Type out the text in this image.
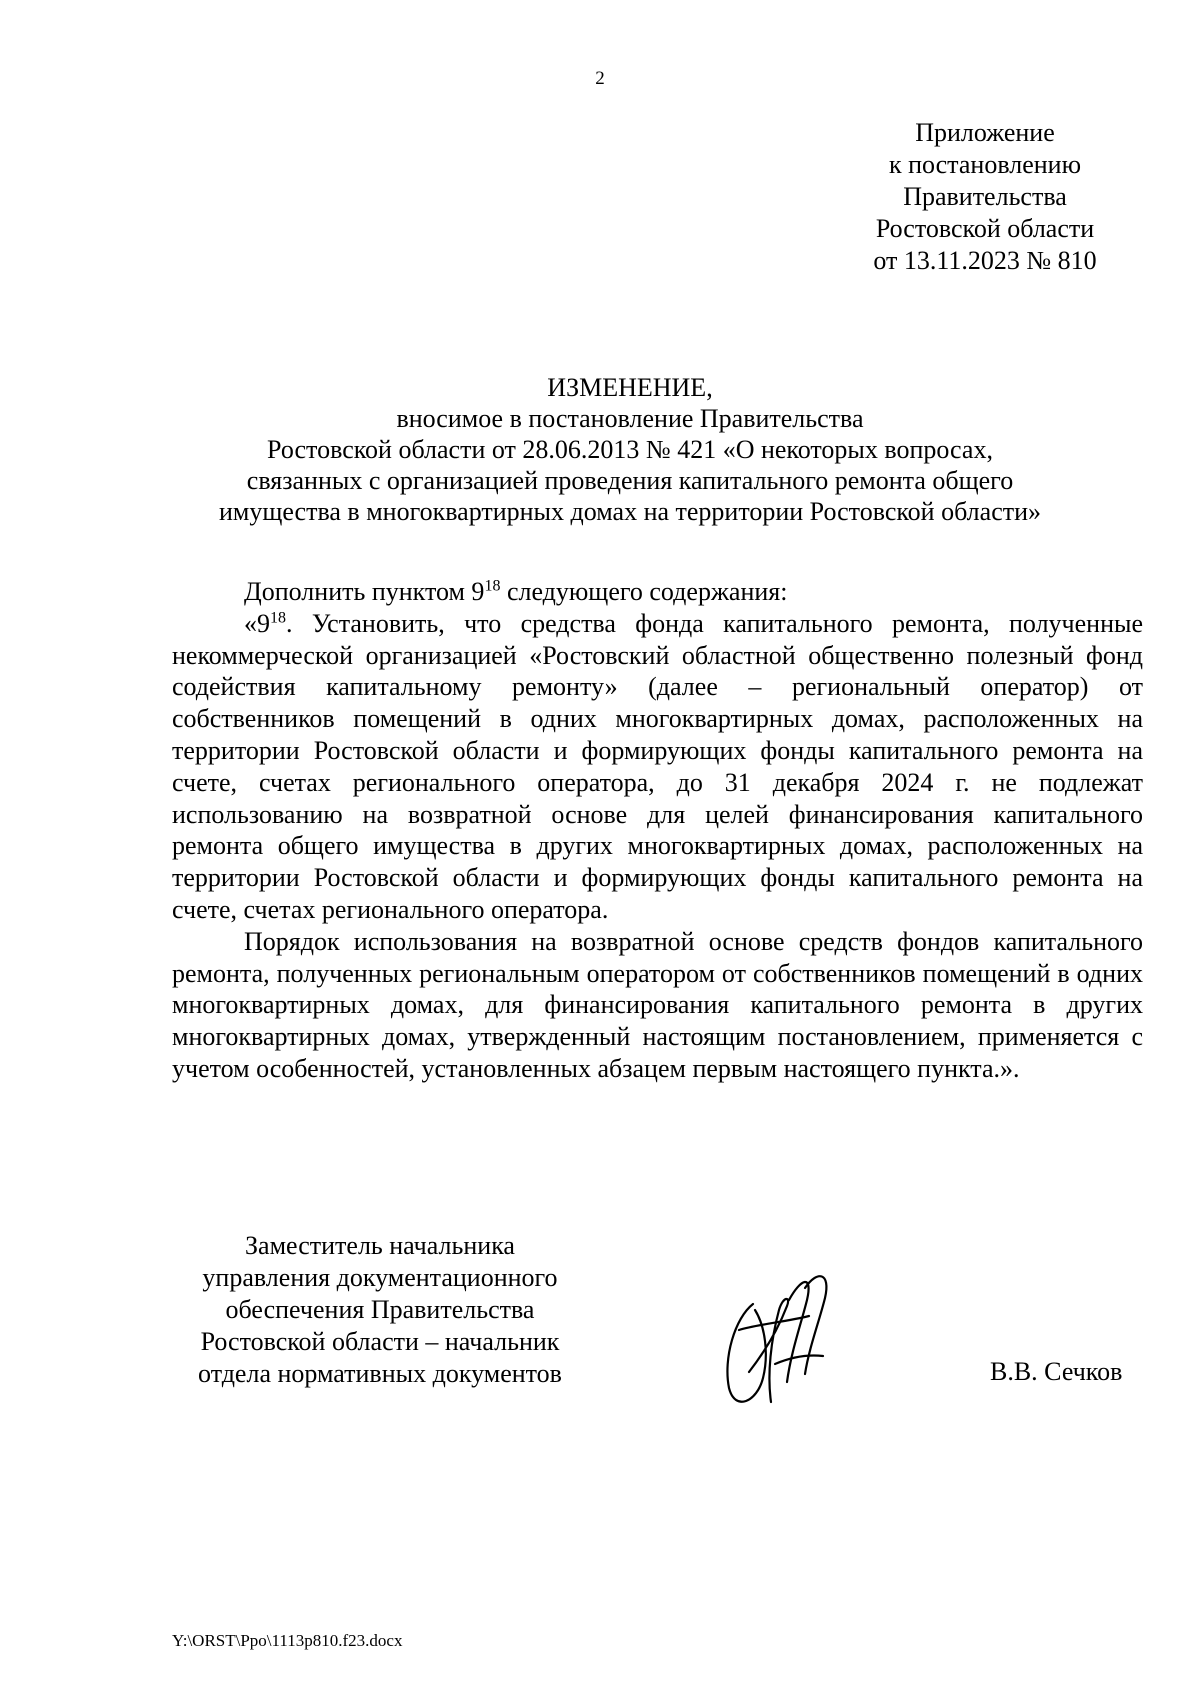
2
Приложение
к постановлению
Правительства
Ростовской области
от 13.11.2023 № 810
ИЗМЕНЕНИЕ,
вносимое в постановление Правительства
Ростовской области от 28.06.2013 № 421 «О некоторых вопросах,
связанных с организацией проведения капитального ремонта общего
имущества в многоквартирных домах на территории Ростовской области»

Дополнить пунктом $9^{18}$ следующего содержания:

«$9^{18}$. Установить, что средства фонда капитального ремонта, полученные некоммерческой организацией «Ростовский областной общественно полезный фонд содействия капитальному ремонту» (далее – региональный оператор) от собственников помещений в одних многоквартирных домах, расположенных на территории Ростовской области и формирующих фонды капитального ремонта на счете, счетах регионального оператора, до 31 декабря 2024 г. не подлежат использованию на возвратной основе для целей финансирования капитального ремонта общего имущества в других многоквартирных домах, расположенных на территории Ростовской области и формирующих фонды капитального ремонта на счете, счетах регионального оператора.

Порядок использования на возвратной основе средств фондов капитального ремонта, полученных региональным оператором от собственников помещений в одних многоквартирных домах, для финансирования капитального ремонта в других многоквартирных домах, утвержденный настоящим постановлением, применяется с учетом особенностей, установленных абзацем первым настоящего пункта.».

Заместитель начальника
управления документационного
обеспечения Правительства
Ростовской области – начальник
отдела нормативных документов	В.В. Сечков
Y:\ORST\Ppo\1113p810.f23.docx
